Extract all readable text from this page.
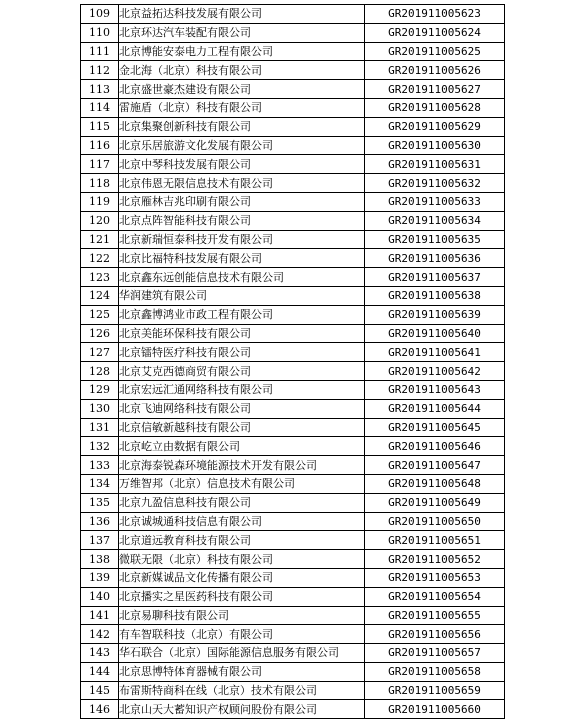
109	北京益拓达科技发展有限公司	GR201911005623
110	北京环达汽车装配有限公司	GR201911005624
111	北京博能安泰电力工程有限公司	GR201911005625
112	金北海（北京）科技有限公司	GR201911005626
113	北京盛世豪杰建设有限公司	GR201911005627
114	雷施盾（北京）科技有限公司	GR201911005628
115	北京集聚创新科技有限公司	GR201911005629
116	北京乐居旅游文化发展有限公司	GR201911005630
117	北京中琴科技发展有限公司	GR201911005631
118	北京伟恩无限信息技术有限公司	GR201911005632
119	北京雁林吉兆印刷有限公司	GR201911005633
120	北京点阵智能科技有限公司	GR201911005634
121	北京新瑞恒泰科技开发有限公司	GR201911005635
122	北京比福特科技发展有限公司	GR201911005636
123	北京鑫东远创能信息技术有限公司	GR201911005637
124	华润建筑有限公司	GR201911005638
125	北京鑫博鸿业市政工程有限公司	GR201911005639
126	北京美能环保科技有限公司	GR201911005640
127	北京镭特医疗科技有限公司	GR201911005641
128	北京艾克西德商贸有限公司	GR201911005642
129	北京宏远汇通网络科技有限公司	GR201911005643
130	北京飞迪网络科技有限公司	GR201911005644
131	北京信敏新越科技有限公司	GR201911005645
132	北京屹立由数据有限公司	GR201911005646
133	北京海泰锐森环境能源技术开发有限公司	GR201911005647
134	万维智邦（北京）信息技术有限公司	GR201911005648
135	北京九盈信息科技有限公司	GR201911005649
136	北京诚城通科技信息有限公司	GR201911005650
137	北京道远教育科技有限公司	GR201911005651
138	微联无限（北京）科技有限公司	GR201911005652
139	北京新媒诚品文化传播有限公司	GR201911005653
140	北京播实之星医药科技有限公司	GR201911005654
141	北京易聊科技有限公司	GR201911005655
142	有车智联科技（北京）有限公司	GR201911005656
143	华石联合（北京）国际能源信息服务有限公司	GR201911005657
144	北京思博特体育器械有限公司	GR201911005658
145	布雷斯特商科在线（北京）技术有限公司	GR201911005659
146	北京山天大蓄知识产权顾问股份有限公司	GR201911005660
